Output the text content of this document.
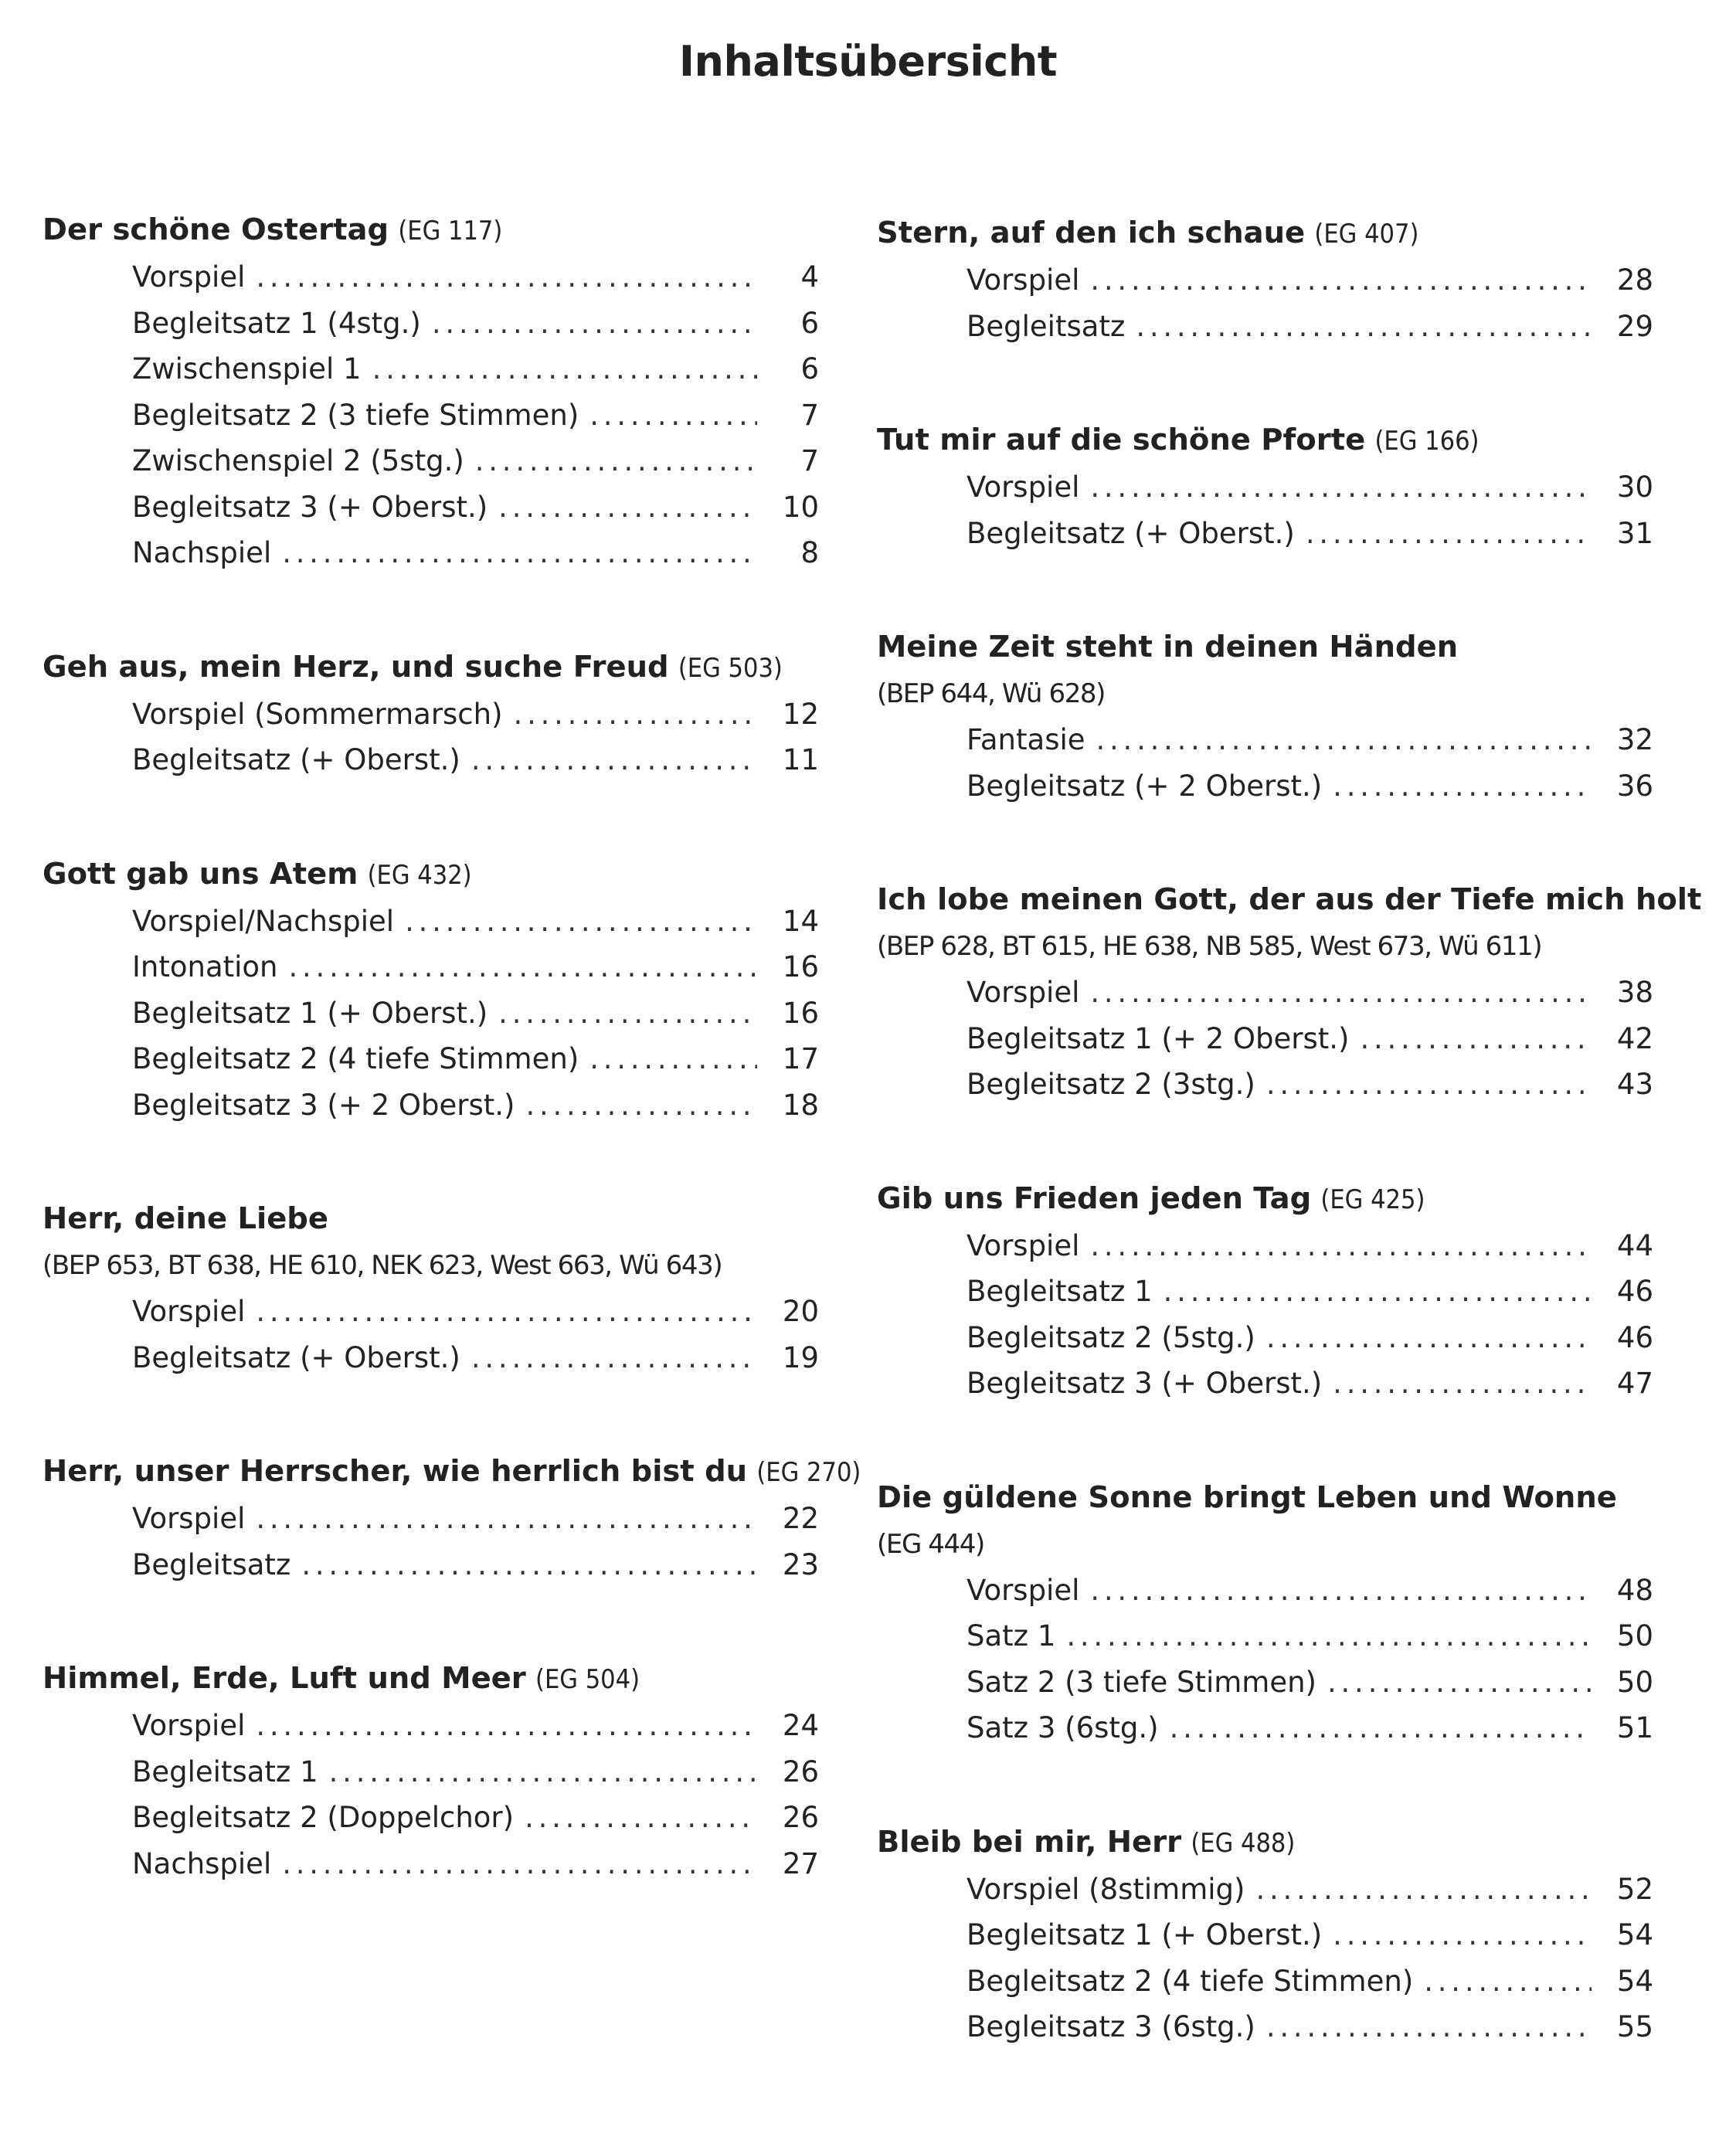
Inhaltsübersicht
Der schöne Ostertag (EG 117)
Vorspiel . . .	4
Begleitsatz 1 (4stg.) . . .	6
Zwischenspiel 1 . . .	6
Begleitsatz 2 (3 tiefe Stimmen) . . .	7
Zwischenspiel 2 (5stg.) . . .	7
Begleitsatz 3 (+ Oberst.) . . .	10
Nachspiel . . .	8
Geh aus, mein Herz, und suche Freud (EG 503)
Vorspiel (Sommermarsch) . . .	12
Begleitsatz (+ Oberst.) . . .	11
Gott gab uns Atem (EG 432)
Vorspiel/Nachspiel . . .	14
Intonation . . .	16
Begleitsatz 1 (+ Oberst.) . . .	16
Begleitsatz 2 (4 tiefe Stimmen) . . .	17
Begleitsatz 3 (+ 2 Oberst.) . . .	18
Herr, deine Liebe
(BEP 653, BT 638, HE 610, NEK 623, West 663, Wü 643)
Vorspiel . . .	20
Begleitsatz (+ Oberst.) . . .	19
Herr, unser Herrscher, wie herrlich bist du (EG 270)
Vorspiel . . .	22
Begleitsatz . . .	23
Himmel, Erde, Luft und Meer (EG 504)
Vorspiel . . .	24
Begleitsatz 1 . . .	26
Begleitsatz 2 (Doppelchor) . . .	26
Nachspiel . . .	27
Stern, auf den ich schaue (EG 407)
Vorspiel . . .	28
Begleitsatz . . .	29
Tut mir auf die schöne Pforte (EG 166)
Vorspiel . . .	30
Begleitsatz (+ Oberst.) . . .	31
Meine Zeit steht in deinen Händen
(BEP 644, Wü 628)
Fantasie . . .	32
Begleitsatz (+ 2 Oberst.) . . .	36
Ich lobe meinen Gott, der aus der Tiefe mich holt
(BEP 628, BT 615, HE 638, NB 585, West 673, Wü 611)
Vorspiel . . .	38
Begleitsatz 1 (+ 2 Oberst.) . . .	42
Begleitsatz 2 (3stg.) . . .	43
Gib uns Frieden jeden Tag (EG 425)
Vorspiel . . .	44
Begleitsatz 1 . . .	46
Begleitsatz 2 (5stg.) . . .	46
Begleitsatz 3 (+ Oberst.) . . .	47
Die güldene Sonne bringt Leben und Wonne
(EG 444)
Vorspiel . . .	48
Satz 1 . . .	50
Satz 2 (3 tiefe Stimmen) . . .	50
Satz 3 (6stg.) . . .	51
Bleib bei mir, Herr (EG 488)
Vorspiel (8stimmig) . . .	52
Begleitsatz 1 (+ Oberst.) . . .	54
Begleitsatz 2 (4 tiefe Stimmen) . . .	54
Begleitsatz 3 (6stg.) . . .	55
